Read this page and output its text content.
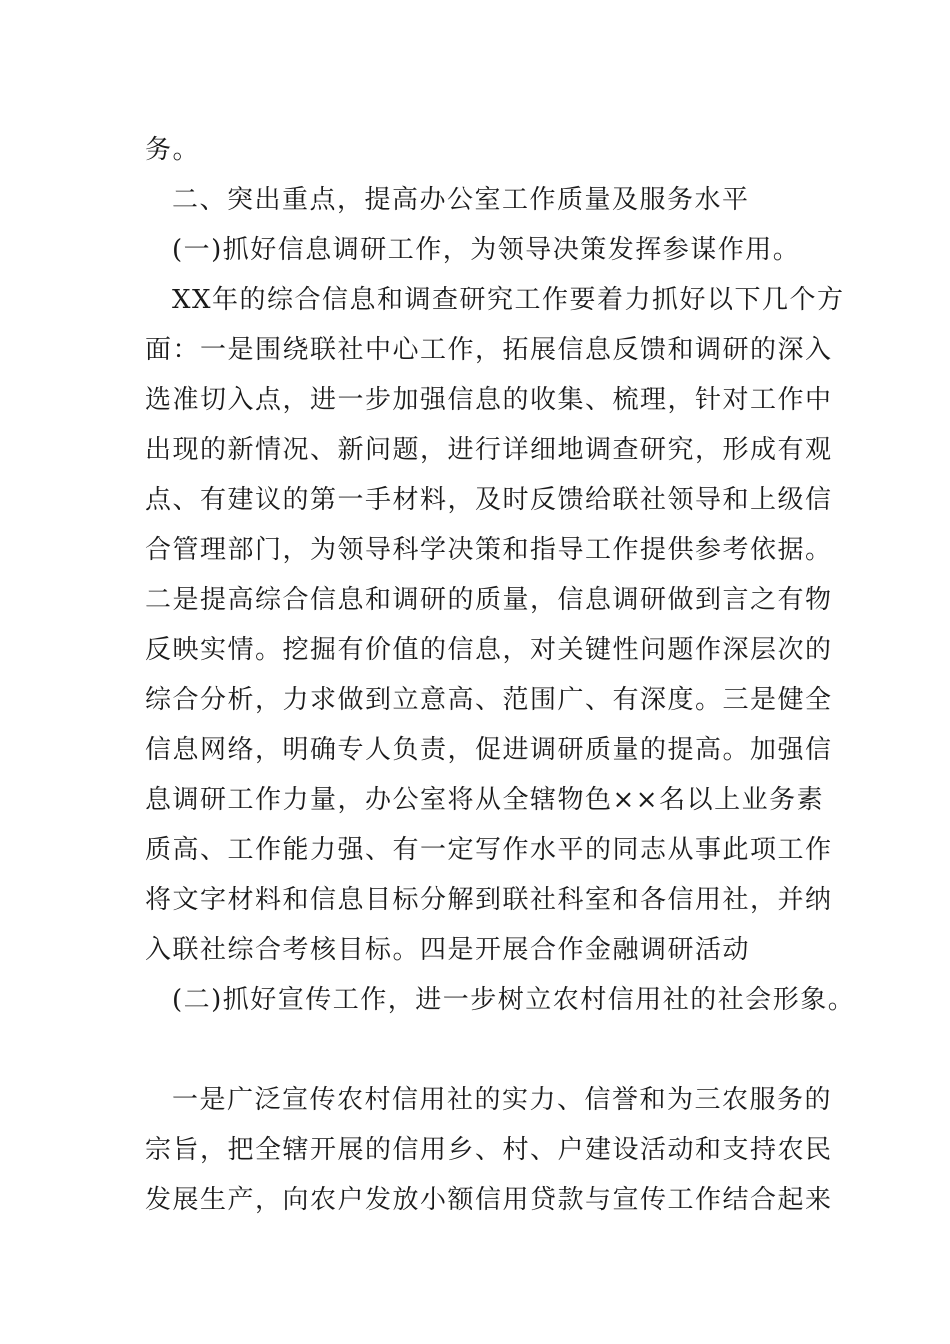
务。
二、突出重点，提高办公室工作质量及服务水平
(一)抓好信息调研工作，为领导决策发挥参谋作用。
XX年的综合信息和调查研究工作要着力抓好以下几个方
面：一是围绕联社中心工作，拓展信息反馈和调研的深入
选准切入点，进一步加强信息的收集、梳理，针对工作中
出现的新情况、新问题，进行详细地调查研究，形成有观
点、有建议的第一手材料，及时反馈给联社领导和上级信
合管理部门，为领导科学决策和指导工作提供参考依据。
二是提高综合信息和调研的质量，信息调研做到言之有物
反映实情。挖掘有价值的信息，对关键性问题作深层次的
综合分析，力求做到立意高、范围广、有深度。三是健全
信息网络，明确专人负责，促进调研质量的提高。加强信
息调研工作力量，办公室将从全辖物色××名以上业务素
质高、工作能力强、有一定写作水平的同志从事此项工作
将文字材料和信息目标分解到联社科室和各信用社，并纳
入联社综合考核目标。四是开展合作金融调研活动
(二)抓好宣传工作，进一步树立农村信用社的社会形象。
一是广泛宣传农村信用社的实力、信誉和为三农服务的
宗旨，把全辖开展的信用乡、村、户建设活动和支持农民
发展生产，向农户发放小额信用贷款与宣传工作结合起来
